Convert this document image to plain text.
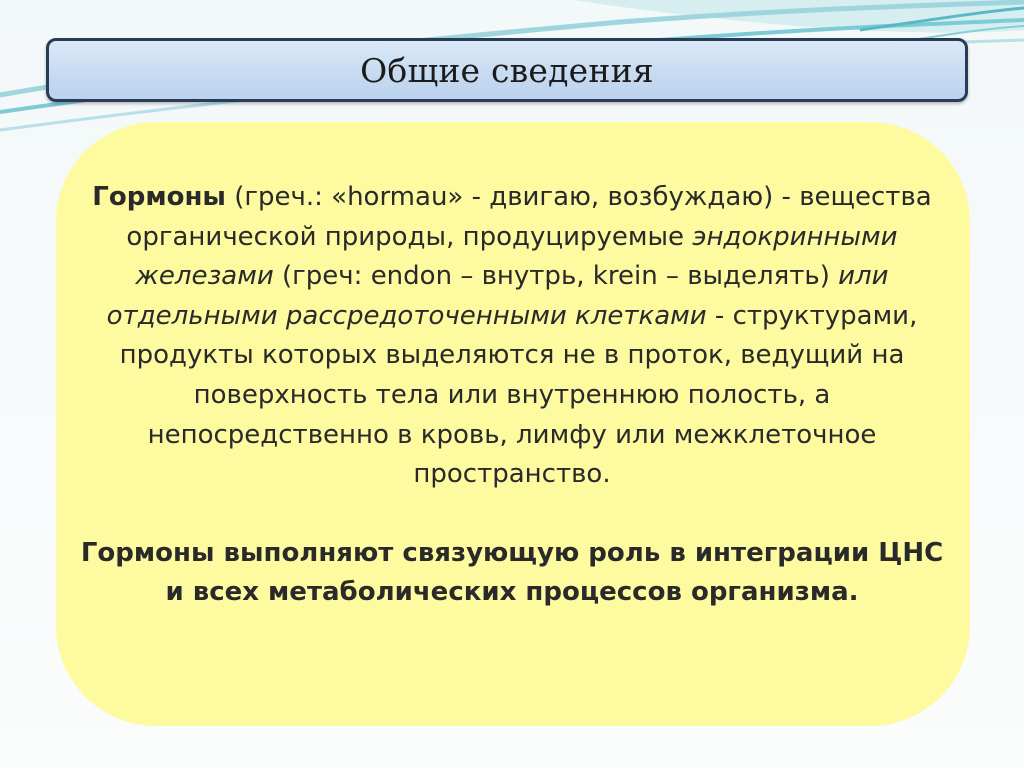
Общие сведения

Гормоны (греч.: «hormau» - двигаю, возбуждаю) - вещества органической природы, продуцируемые эндокринными железами (греч: endon – внутрь, krein – выделять) или отдельными рассредоточенными клетками - структурами, продукты которых выделяются не в проток, ведущий на поверхность тела или внутреннюю полость, а непосредственно в кровь, лимфу или межклеточное пространство.

Гормоны выполняют связующую роль в интеграции ЦНС и всех метаболических процессов организма.
